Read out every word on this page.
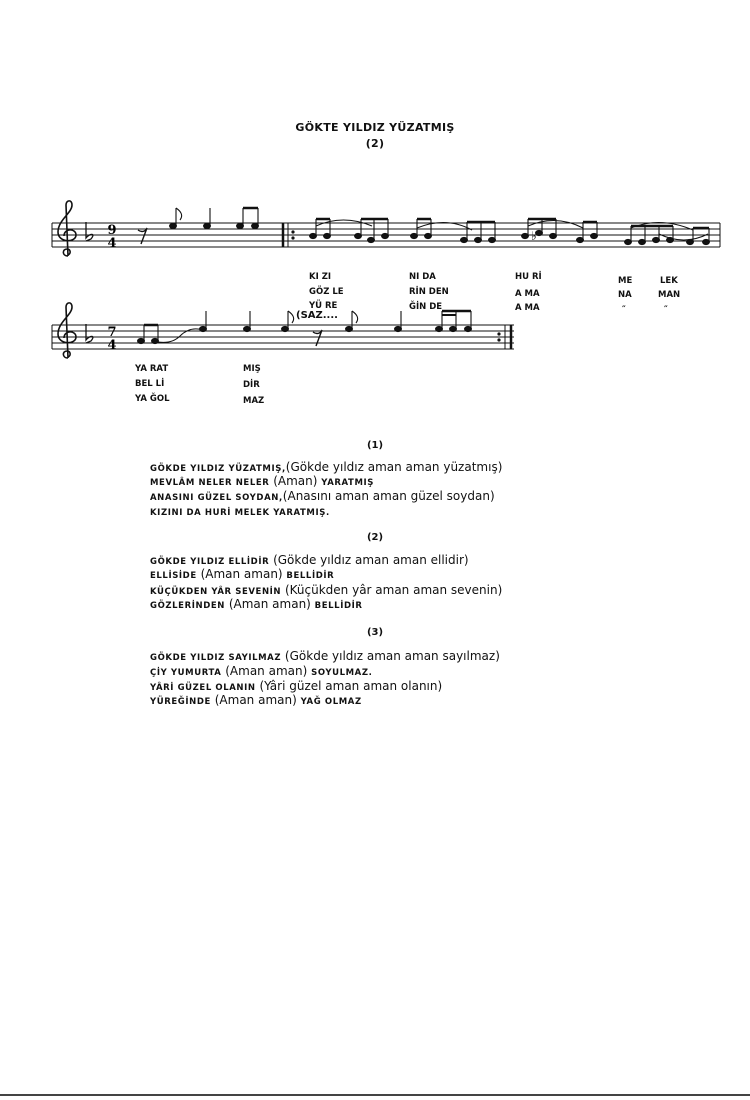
GÖKTE YILDIZ YÜZATMIŞ
(2)
9
4	♭
7
4
KI ZI	NI DA	HU Rİ	ME	LEK
GÖZ LE	RİN DEN	A MA	NA	MAN
YÜ RE	ĞİN DE	A MA	″	″
(SAZ....
YA RAT	MIŞ
BEL Lİ	DİR
YA ĞOL	MAZ
(1)
GÖKDE YILDIZ YÜZATMIŞ,(Gökde yıldız aman aman yüzatmış)
MEVLÂM NELER NELER (Aman) YARATMIŞ
ANASINI GÜZEL SOYDAN,(Anasını aman aman güzel soydan)
KIZINI DA HURİ MELEK YARATMIŞ.
(2)
GÖKDE YILDIZ ELLİDİR (Gökde yıldız aman aman ellidir)
ELLİSİDE (Aman aman) BELLİDİR
KÜÇÜKDEN YÂR SEVENİN (Küçükden yâr aman aman sevenin)
GÖZLERİNDEN (Aman aman) BELLİDİR
(3)
GÖKDE YILDIZ SAYILMAZ (Gökde yıldız aman aman sayılmaz)
ÇİY YUMURTA (Aman aman) SOYULMAZ.
YÂRİ GÜZEL OLANIN (Yâri güzel aman aman olanın)
YÜREĞİNDE (Aman aman) YAĞ OLMAZ
